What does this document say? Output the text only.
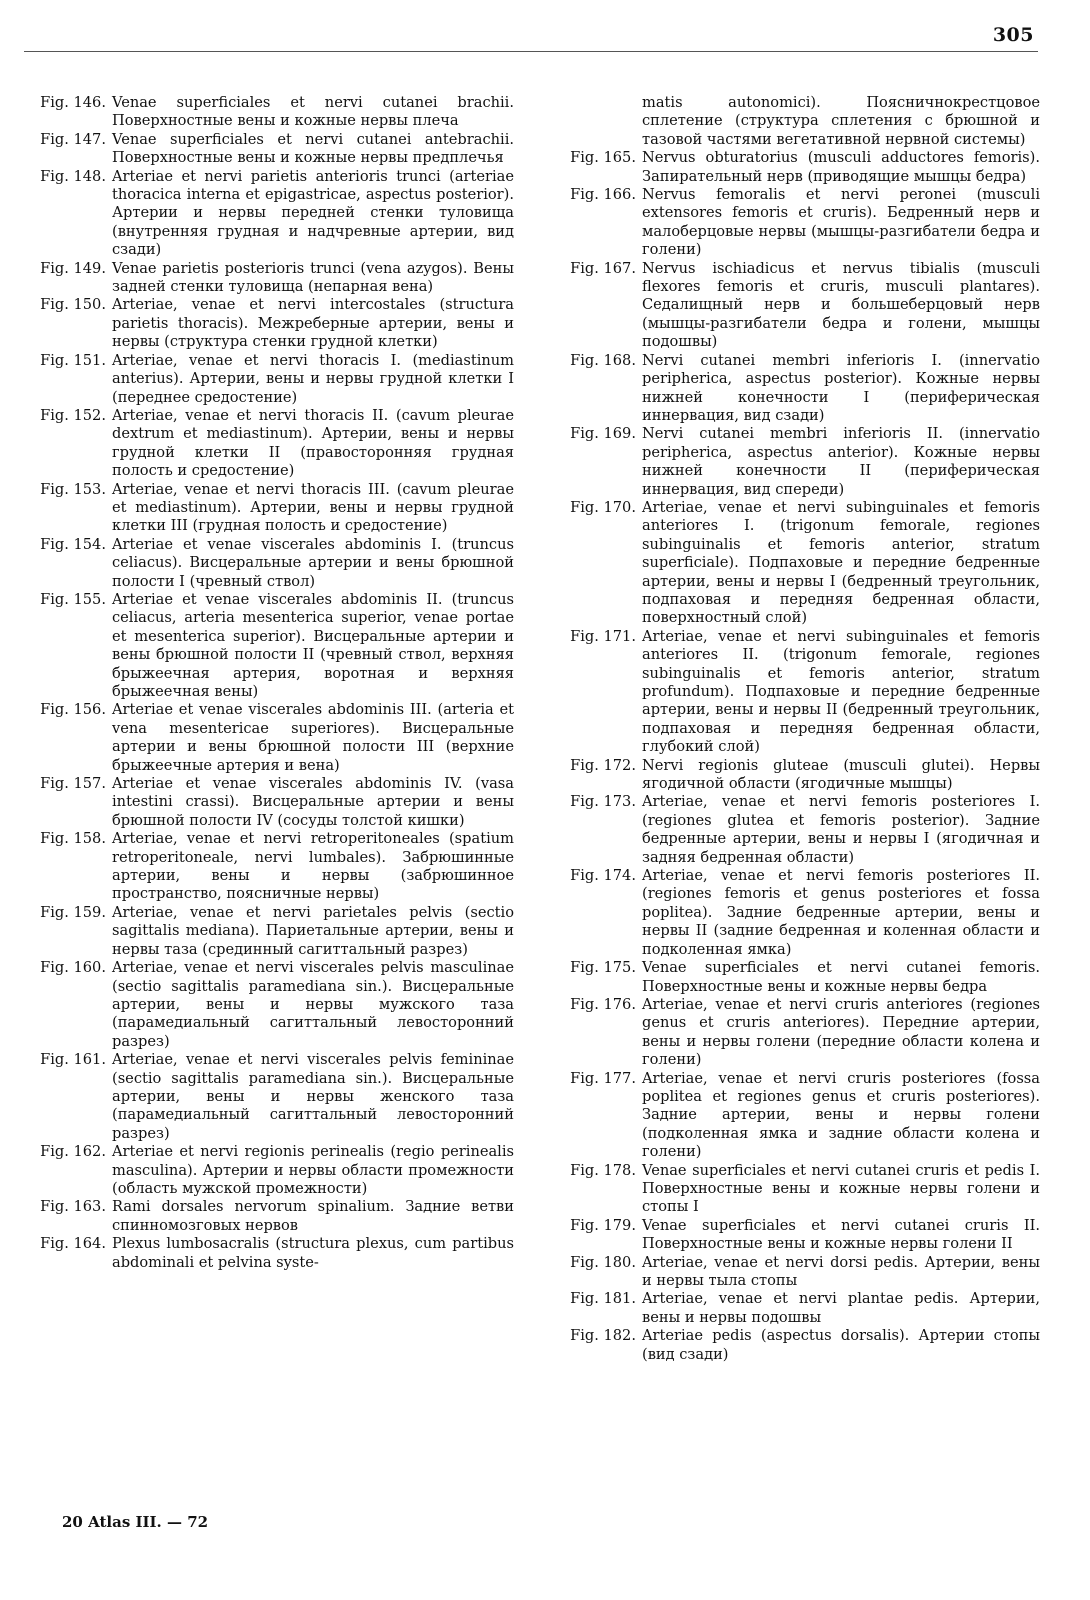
305
Fig. 146. Venae superficiales et nervi cutanei brachii. Поверхностные вены и кожные нервы плеча
Fig. 147. Venae superficiales et nervi cutanei antebrachii. Поверхностные вены и кожные нервы предплечья
Fig. 148. Arteriae et nervi parietis anterioris trunci (arteriae thoracica interna et epigastricae, aspectus posterior). Артерии и нервы передней стенки туловища (внутренняя грудная и надчревные артерии, вид сзади)
Fig. 149. Venae parietis posterioris trunci (vena azygos). Вены задней стенки туловища (непарная вена)
Fig. 150. Arteriae, venae et nervi intercostales (structura parietis thoracis). Межреберные артерии, вены и нервы (структура стенки грудной клетки)
Fig. 151. Arteriae, venae et nervi thoracis I. (mediastinum anterius). Артерии, вены и нервы грудной клетки I (переднее средостение)
Fig. 152. Arteriae, venae et nervi thoracis II. (cavum pleurae dextrum et mediastinum). Артерии, вены и нервы грудной клетки II (правосторонняя грудная полость и средостение)
Fig. 153. Arteriae, venae et nervi thoracis III. (cavum pleurae et mediastinum). Артерии, вены и нервы грудной клетки III (грудная полость и средостение)
Fig. 154. Arteriae et venae viscerales abdominis I. (truncus celiacus). Висцеральные артерии и вены брюшной полости I (чревный ствол)
Fig. 155. Arteriae et venae viscerales abdominis II. (truncus celiacus, arteria mesenterica superior, venae portae et mesenterica superior). Висцеральные артерии и вены брюшной полости II (чревный ствол, верхняя брыжеечная артерия, воротная и верхняя брыжеечная вены)
Fig. 156. Arteriae et venae viscerales abdominis III. (arteria et vena mesentericae superiores). Висцеральные артерии и вены брюшной полости III (верхние брыжеечные артерия и вена)
Fig. 157. Arteriae et venae viscerales abdominis IV. (vasa intestini crassi). Висцеральные артерии и вены брюшной полости IV (сосуды толстой кишки)
Fig. 158. Arteriae, venae et nervi retroperitoneales (spatium retroperitoneale, nervi lumbales). Забрюшинные артерии, вены и нервы (забрюшинное пространство, поясничные нервы)
Fig. 159. Arteriae, venae et nervi parietales pelvis (sectio sagittalis mediana). Париетальные артерии, вены и нервы таза (срединный сагиттальный разрез)
Fig. 160. Arteriae, venae et nervi viscerales pelvis masculinae (sectio sagittalis paramediana sin.). Висцеральные артерии, вены и нервы мужского таза (парамедиальный сагиттальный левосторонний разрез)
Fig. 161. Arteriae, venae et nervi viscerales pelvis femininae (sectio sagittalis paramediana sin.). Висцеральные артерии, вены и нервы женского таза (парамедиальный сагиттальный левосторонний разрез)
Fig. 162. Arteriae et nervi regionis perinealis (regio perinealis masculina). Артерии и нервы области промежности (область мужской промежности)
Fig. 163. Rami dorsales nervorum spinalium. Задние ветви спинномозговых нервов
Fig. 164. Plexus lumbosacralis (structura plexus, cum partibus abdominali et pelvina syste-
matis autonomici). Поясничнокрестцовое сплетение (структура сплетения с брюшной и тазовой частями вегетативной нервной системы)
Fig. 165. Nervus obturatorius (musculi adductores femoris). Запирательный нерв (приводящие мышцы бедра)
Fig. 166. Nervus femoralis et nervi peronei (musculi extensores femoris et cruris). Бедренный нерв и малоберцовые нервы (мышцы-разгибатели бедра и голени)
Fig. 167. Nervus ischiadicus et nervus tibialis (musculi flexores femoris et cruris, musculi plantares). Седалищный нерв и большеберцовый нерв (мышцы-разгибатели бедра и голени, мышцы подошвы)
Fig. 168. Nervi cutanei membri inferioris I. (innervatio peripherica, aspectus posterior). Кожные нервы нижней конечности I (периферическая иннервация, вид сзади)
Fig. 169. Nervi cutanei membri inferioris II. (innervatio peripherica, aspectus anterior). Кожные нервы нижней конечности II (периферическая иннервация, вид спереди)
Fig. 170. Arteriae, venae et nervi subinguinales et femoris anteriores I. (trigonum femorale, regiones subinguinalis et femoris anterior, stratum superficiale). Подпаховые и передние бедренные артерии, вены и нервы I (бедренный треугольник, подпаховая и передняя бедренная области, поверхностный слой)
Fig. 171. Arteriae, venae et nervi subinguinales et femoris anteriores II. (trigonum femorale, regiones subinguinalis et femoris anterior, stratum profundum). Подпаховые и передние бедренные артерии, вены и нервы II (бедренный треугольник, подпаховая и передняя бедренная области, глубокий слой)
Fig. 172. Nervi regionis gluteae (musculi glutei). Нервы ягодичной области (ягодичные мышцы)
Fig. 173. Arteriae, venae et nervi femoris posteriores I. (regiones glutea et femoris posterior). Задние бедренные артерии, вены и нервы I (ягодичная и задняя бедренная области)
Fig. 174. Arteriae, venae et nervi femoris posteriores II. (regiones femoris et genus posteriores et fossa poplitea). Задние бедренные артерии, вены и нервы II (задние бедренная и коленная области и подколенная ямка)
Fig. 175. Venae superficiales et nervi cutanei femoris. Поверхностные вены и кожные нервы бедра
Fig. 176. Arteriae, venae et nervi cruris anteriores (regiones genus et cruris anteriores). Передние артерии, вены и нервы голени (передние области колена и голени)
Fig. 177. Arteriae, venae et nervi cruris posteriores (fossa poplitea et regiones genus et cruris posteriores). Задние артерии, вены и нервы голени (подколенная ямка и задние области колена и голени)
Fig. 178. Venae superficiales et nervi cutanei cruris et pedis I. Поверхностные вены и кожные нервы голени и стопы I
Fig. 179. Venae superficiales et nervi cutanei cruris II. Поверхностные вены и кожные нервы голени II
Fig. 180. Arteriae, venae et nervi dorsi pedis. Артерии, вены и нервы тыла стопы
Fig. 181. Arteriae, venae et nervi plantae pedis. Артерии, вены и нервы подошвы
Fig. 182. Arteriae pedis (aspectus dorsalis). Артерии стопы (вид сзади)
20 Atlas III. — 72
